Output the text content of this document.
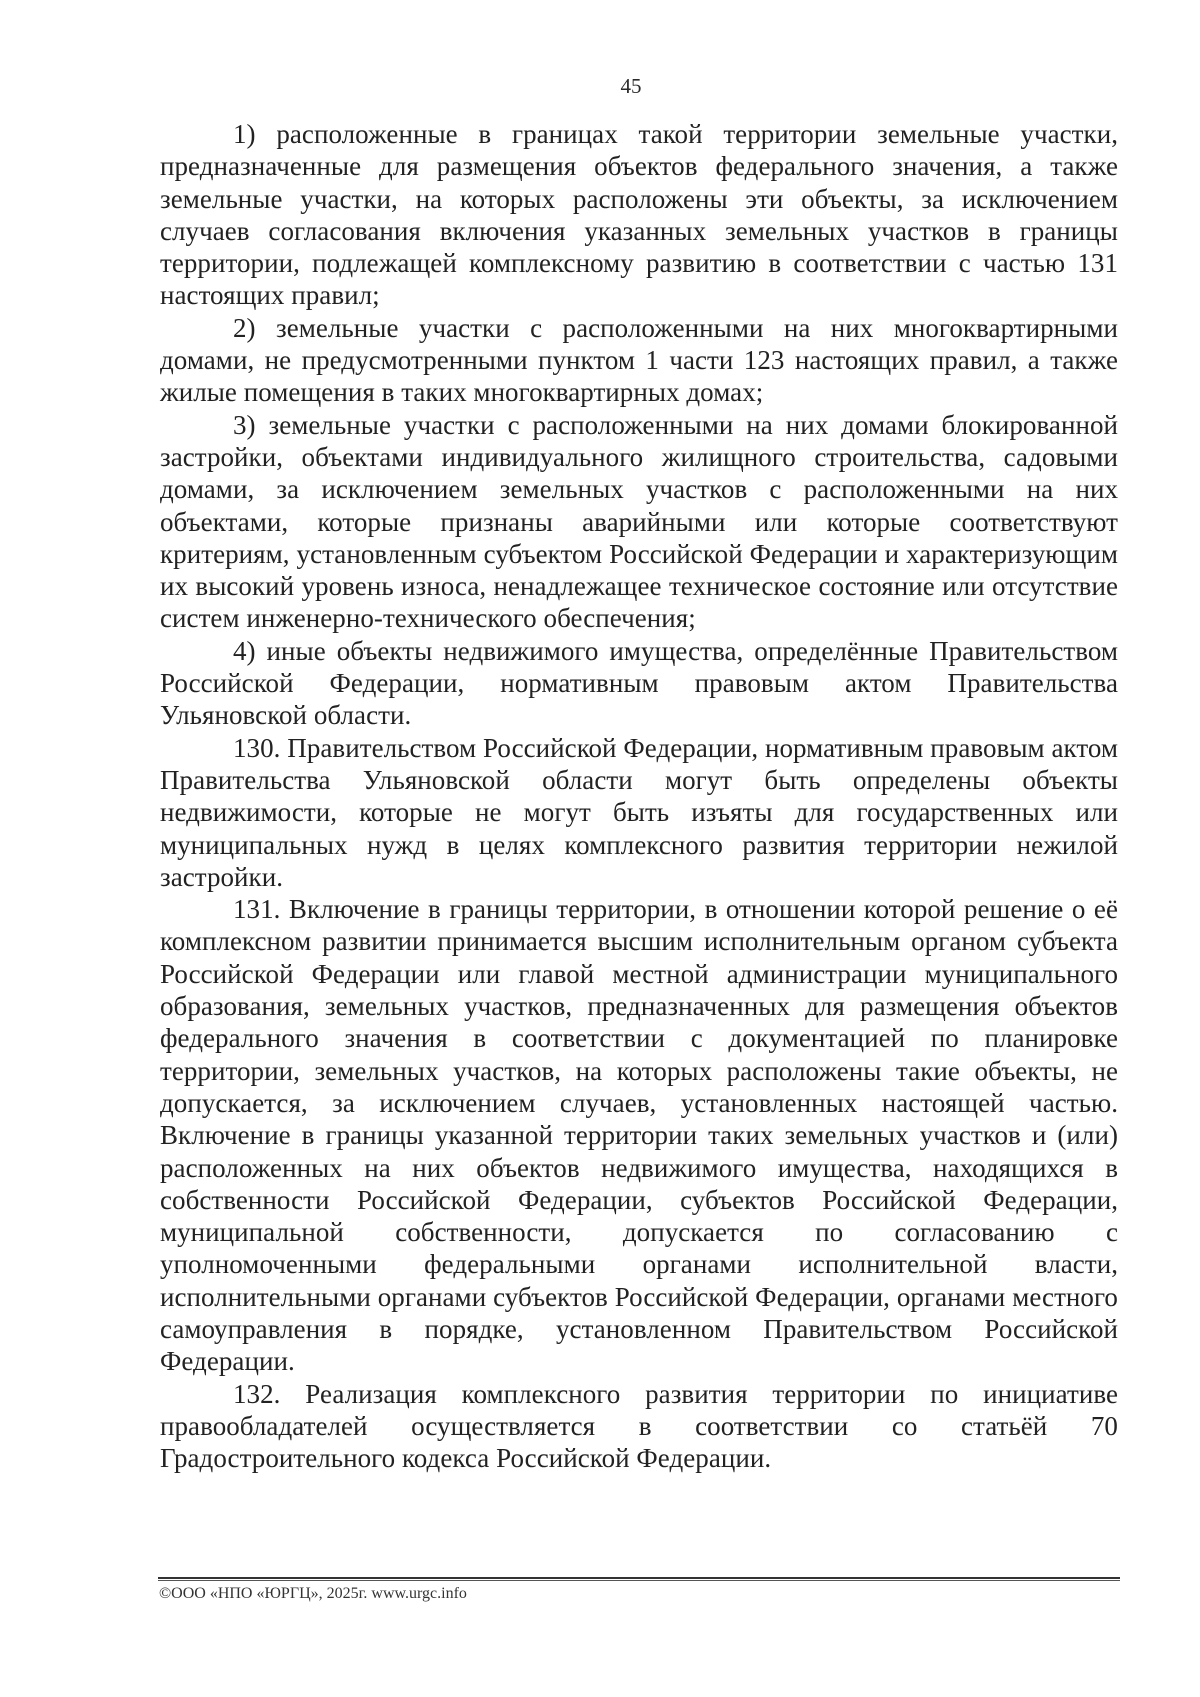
45

1) расположенные в границах такой территории земельные участки, предназначенные для размещения объектов федерального значения, а также земельные участки, на которых расположены эти объекты, за исключением случаев согласования включения указанных земельных участков в границы территории, подлежащей комплексному развитию в соответствии с частью 131 настоящих правил;

2) земельные участки с расположенными на них многоквартирными домами, не предусмотренными пунктом 1 части 123 настоящих правил, а также жилые помещения в таких многоквартирных домах;

3) земельные участки с расположенными на них домами блокированной застройки, объектами индивидуального жилищного строительства, садовыми домами, за исключением земельных участков с расположенными на них объектами, которые признаны аварийными или которые соответствуют критериям, установленным субъектом Российской Федерации и характеризующим их высокий уровень износа, ненадлежащее техническое состояние или отсутствие систем инженерно-технического обеспечения;

4) иные объекты недвижимого имущества, определённые Правительством Российской Федерации, нормативным правовым актом Правительства Ульяновской области.

130. Правительством Российской Федерации, нормативным правовым актом Правительства Ульяновской области могут быть определены объекты недвижимости, которые не могут быть изъяты для государственных или муниципальных нужд в целях комплексного развития территории нежилой застройки.

131. Включение в границы территории, в отношении которой решение о её комплексном развитии принимается высшим исполнительным органом субъекта Российской Федерации или главой местной администрации муниципального образования, земельных участков, предназначенных для размещения объектов федерального значения в соответствии с документацией по планировке территории, земельных участков, на которых расположены такие объекты, не допускается, за исключением случаев, установленных настоящей частью. Включение в границы указанной территории таких земельных участков и (или) расположенных на них объектов недвижимого имущества, находящихся в собственности Российской Федерации, субъектов Российской Федерации, муниципальной собственности, допускается по согласованию с уполномоченными федеральными органами исполнительной власти, исполнительными органами субъектов Российской Федерации, органами местного самоуправления в порядке, установленном Правительством Российской Федерации.

132. Реализация комплексного развития территории по инициативе правообладателей осуществляется в соответствии со статьёй 70 Градостроительного кодекса Российской Федерации.

©ООО «НПО «ЮРГЦ», 2025г. www.urgc.info
